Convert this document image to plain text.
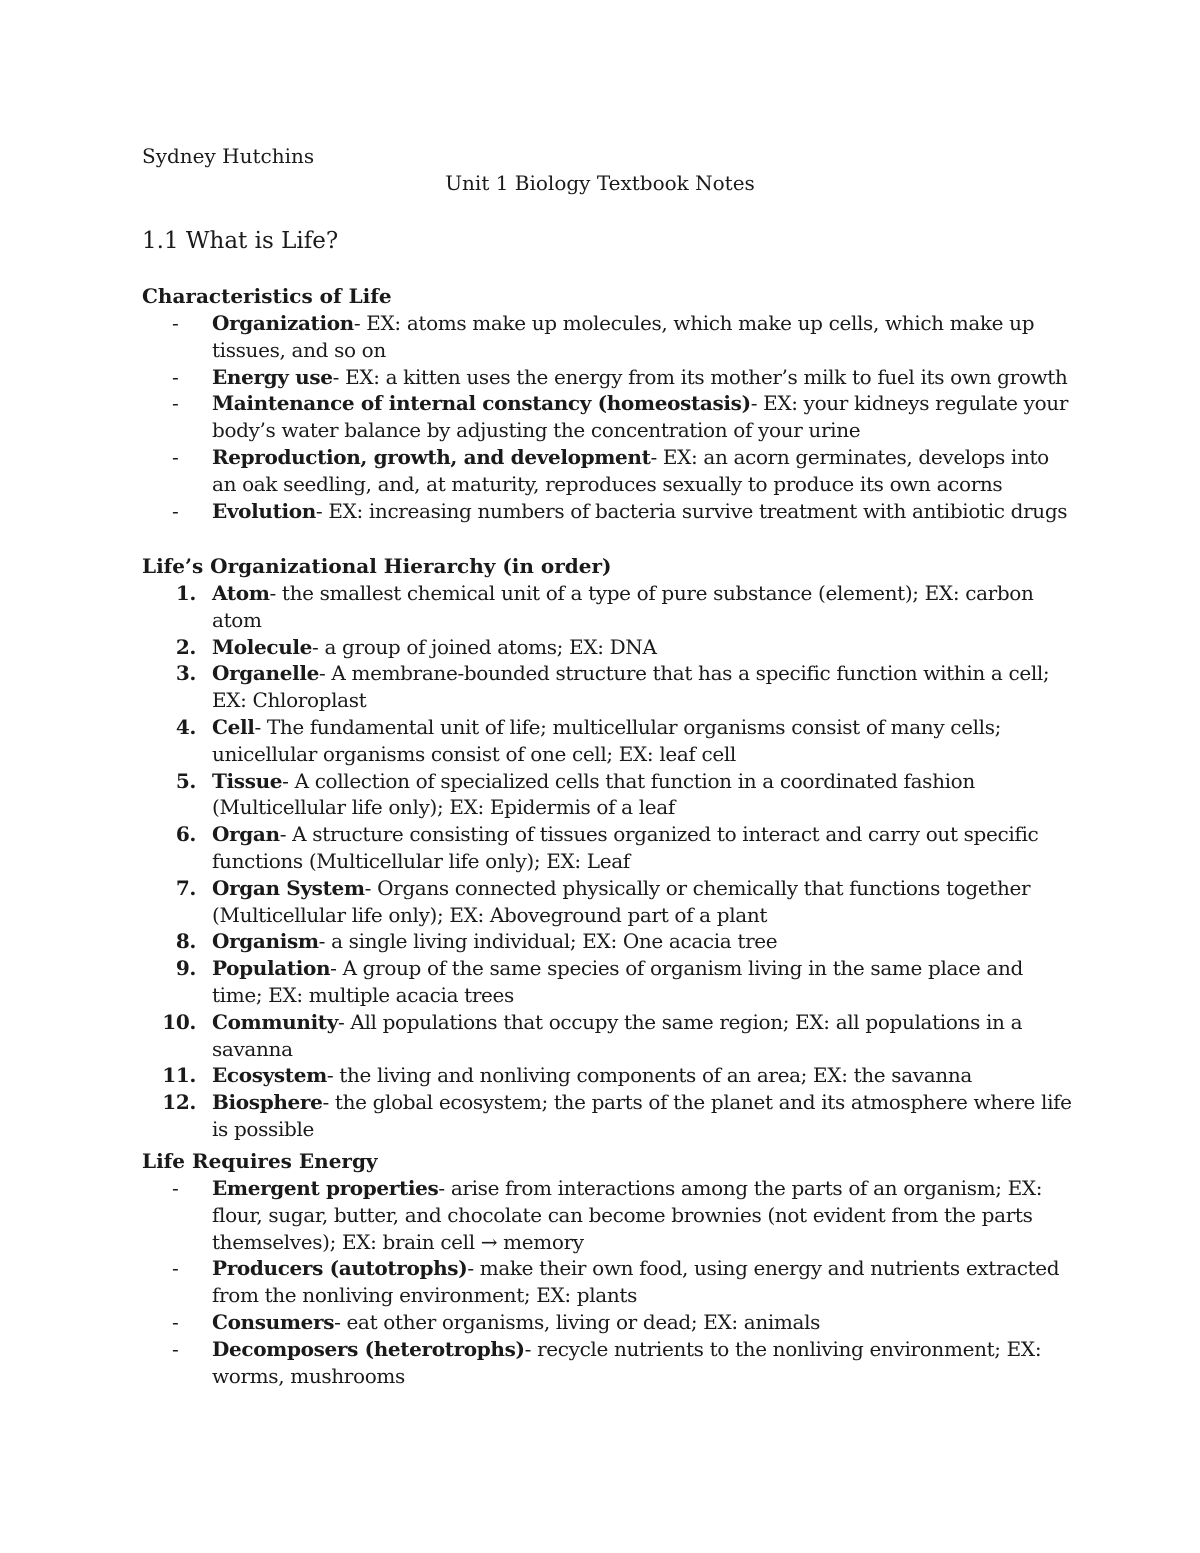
Sydney Hutchins
Unit 1 Biology Textbook Notes
1.1 What is Life?
Characteristics of Life
- Organization- EX: atoms make up molecules, which make up cells, which make up tissues, and so on
- Energy use- EX: a kitten uses the energy from its mother’s milk to fuel its own growth
- Maintenance of internal constancy (homeostasis)- EX: your kidneys regulate your body’s water balance by adjusting the concentration of your urine
- Reproduction, growth, and development- EX: an acorn germinates, develops into an oak seedling, and, at maturity, reproduces sexually to produce its own acorns
- Evolution- EX: increasing numbers of bacteria survive treatment with antibiotic drugs
Life’s Organizational Hierarchy (in order)
1. Atom- the smallest chemical unit of a type of pure substance (element); EX: carbon atom
2. Molecule- a group of joined atoms; EX: DNA
3. Organelle- A membrane-bounded structure that has a specific function within a cell; EX: Chloroplast
4. Cell- The fundamental unit of life; multicellular organisms consist of many cells; unicellular organisms consist of one cell; EX: leaf cell
5. Tissue- A collection of specialized cells that function in a coordinated fashion (Multicellular life only); EX: Epidermis of a leaf
6. Organ- A structure consisting of tissues organized to interact and carry out specific functions (Multicellular life only); EX: Leaf
7. Organ System- Organs connected physically or chemically that functions together (Multicellular life only); EX: Aboveground part of a plant
8. Organism- a single living individual; EX: One acacia tree
9. Population- A group of the same species of organism living in the same place and time; EX: multiple acacia trees
10. Community- All populations that occupy the same region; EX: all populations in a savanna
11. Ecosystem- the living and nonliving components of an area; EX: the savanna
12. Biosphere- the global ecosystem; the parts of the planet and its atmosphere where life is possible
Life Requires Energy
- Emergent properties- arise from interactions among the parts of an organism; EX: flour, sugar, butter, and chocolate can become brownies (not evident from the parts themselves); EX: brain cell → memory
- Producers (autotrophs)- make their own food, using energy and nutrients extracted from the nonliving environment; EX: plants
- Consumers- eat other organisms, living or dead; EX: animals
- Decomposers (heterotrophs)- recycle nutrients to the nonliving environment; EX: worms, mushrooms
